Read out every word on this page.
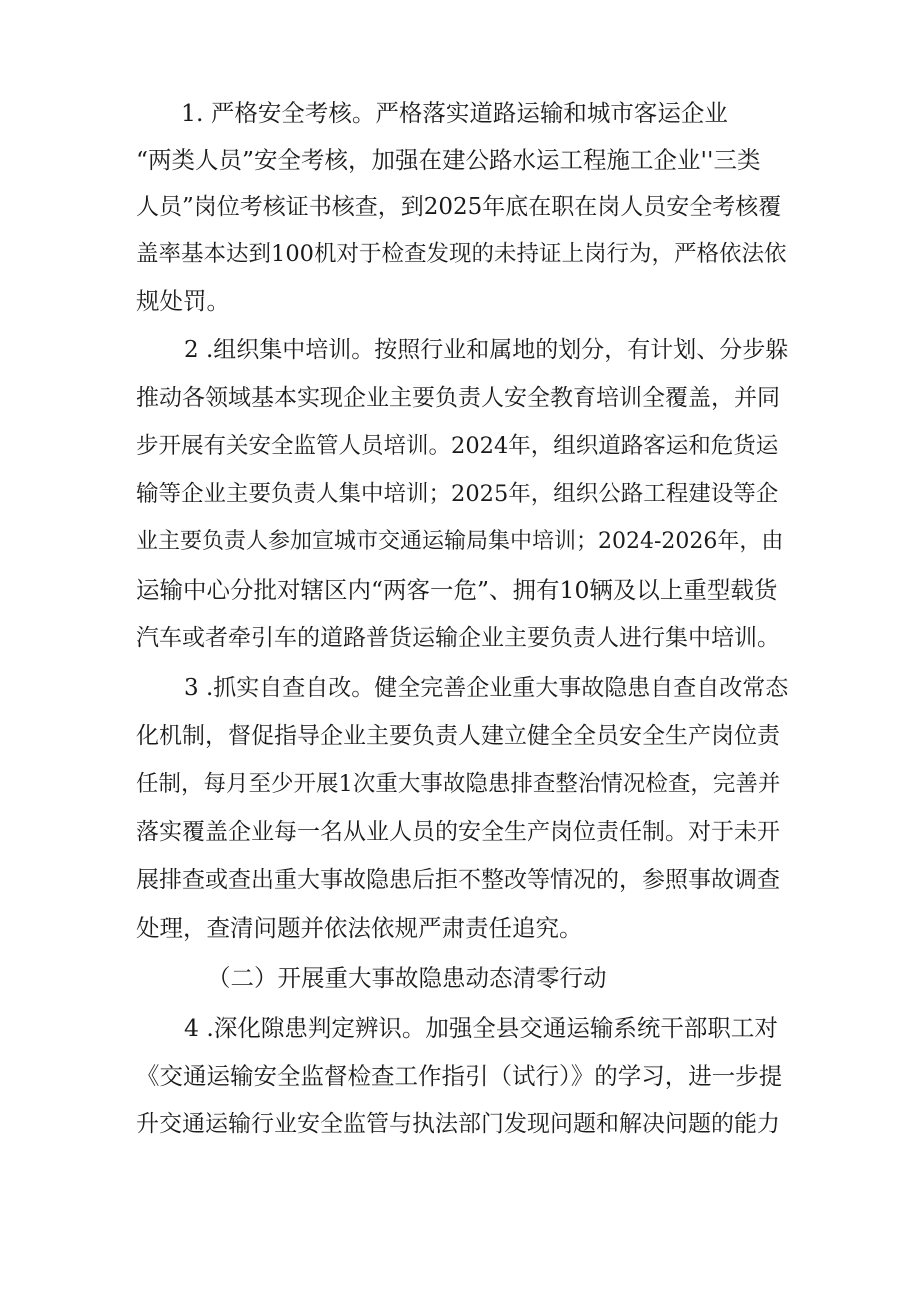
1. 严格安全考核。严格落实道路运输和城市客运企业
“两类人员”安全考核，加强在建公路水运工程施工企业''三类
人员”岗位考核证书核查，到2025年底在职在岗人员安全考核覆
盖率基本达到100机对于检查发现的未持证上岗行为，严格依法依
规处罚。
2 .组织集中培训。按照行业和属地的划分，有计划、分步躲
推动各领域基本实现企业主要负责人安全教育培训全覆盖，并同
步开展有关安全监管人员培训。2024年，组织道路客运和危货运
输等企业主要负责人集中培训；2025年，组织公路工程建设等企
业主要负责人参加宣城市交通运输局集中培训；2024-2026年，由
运输中心分批对辖区内“两客一危”、拥有10辆及以上重型载货
汽车或者牵引车的道路普货运输企业主要负责人进行集中培训。
3 .抓实自查自改。健全完善企业重大事故隐患自查自改常态
化机制，督促指导企业主要负责人建立健全全员安全生产岗位责
任制，每月至少开展1次重大事故隐患排查整治情况检查，完善并
落实覆盖企业每一名从业人员的安全生产岗位责任制。对于未开
展排查或查出重大事故隐患后拒不整改等情况的，参照事故调查
处理，查清问题并依法依规严肃责任追究。
（二）开展重大事故隐患动态清零行动
4 .深化隙患判定辨识。加强全县交通运输系统干部职工对
《交通运输安全监督检查工作指引（试行）》的学习，进一步提
升交通运输行业安全监管与执法部门发现问题和解决问题的能力
